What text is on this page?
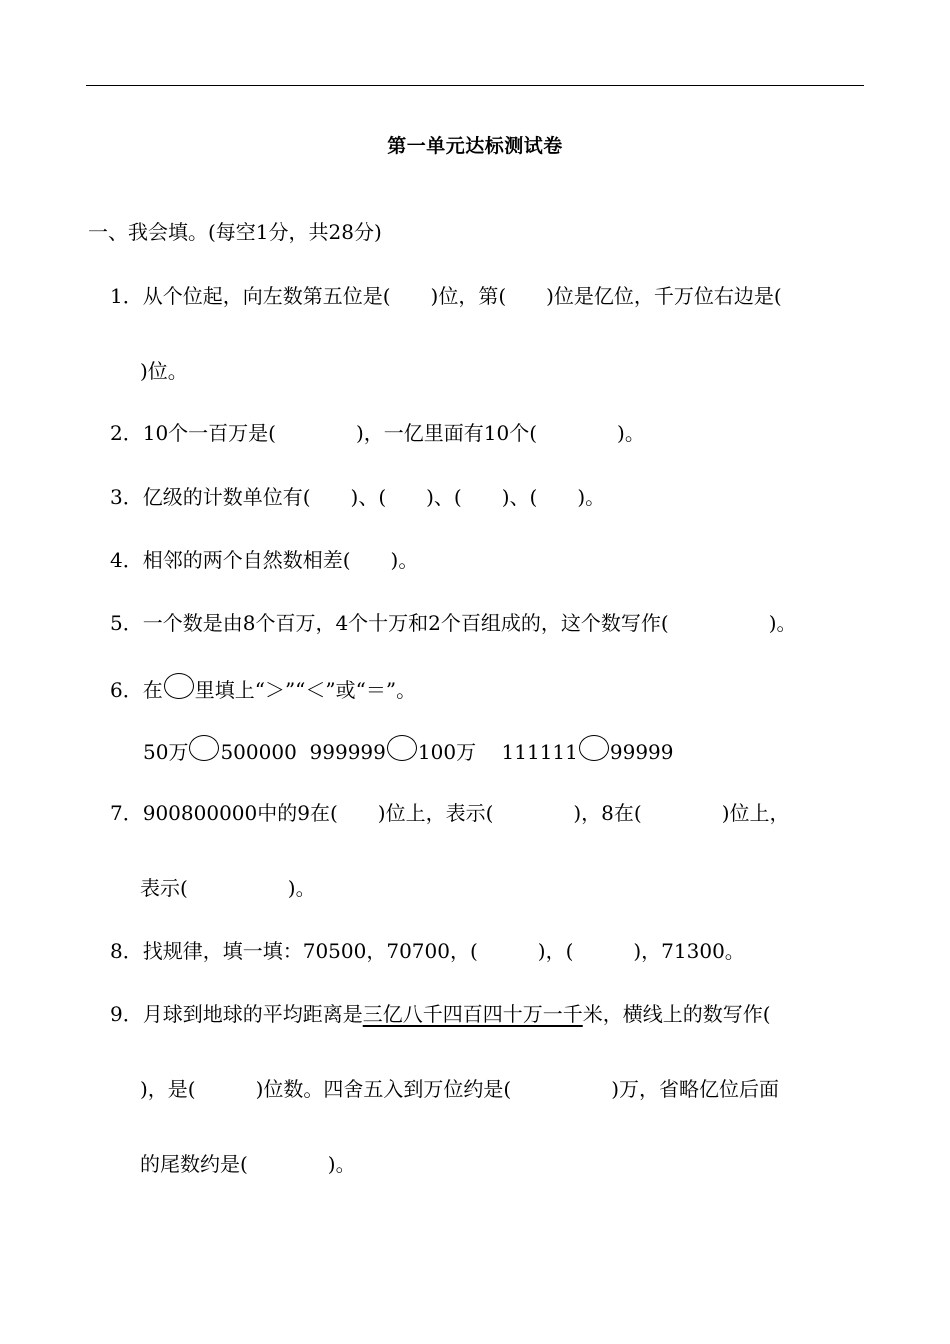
第一单元达标测试卷
一、我会填。(每空1分，共28分)
1．从个位起，向左数第五位是(　　)位，第(　　)位是亿位，千万位右边是(
)位。
2．10个一百万是(　　　　)，一亿里面有10个(　　　　)。
3．亿级的计数单位有(　　)、(　　)、(　　)、(　　)。
4．相邻的两个自然数相差(　　)。
5．一个数是由8个百万，4个十万和2个百组成的，这个数写作(　　　　　)。
6．在 里填上“＞”“＜”或“＝”。
50万 500000 999999 100万 111111 99999
7．900800000中的9在(　　)位上，表示(　　　　)，8在(　　　　)位上，
表示(　　　　　)。
8．找规律，填一填：70500，70700，(　　　)，(　　　)，71300。
9．月球到地球的平均距离是三亿八千四百四十万一千米，横线上的数写作(
)，是(　　　)位数。四舍五入到万位约是(　　　　　)万，省略亿位后面
的尾数约是(　　　　)。
